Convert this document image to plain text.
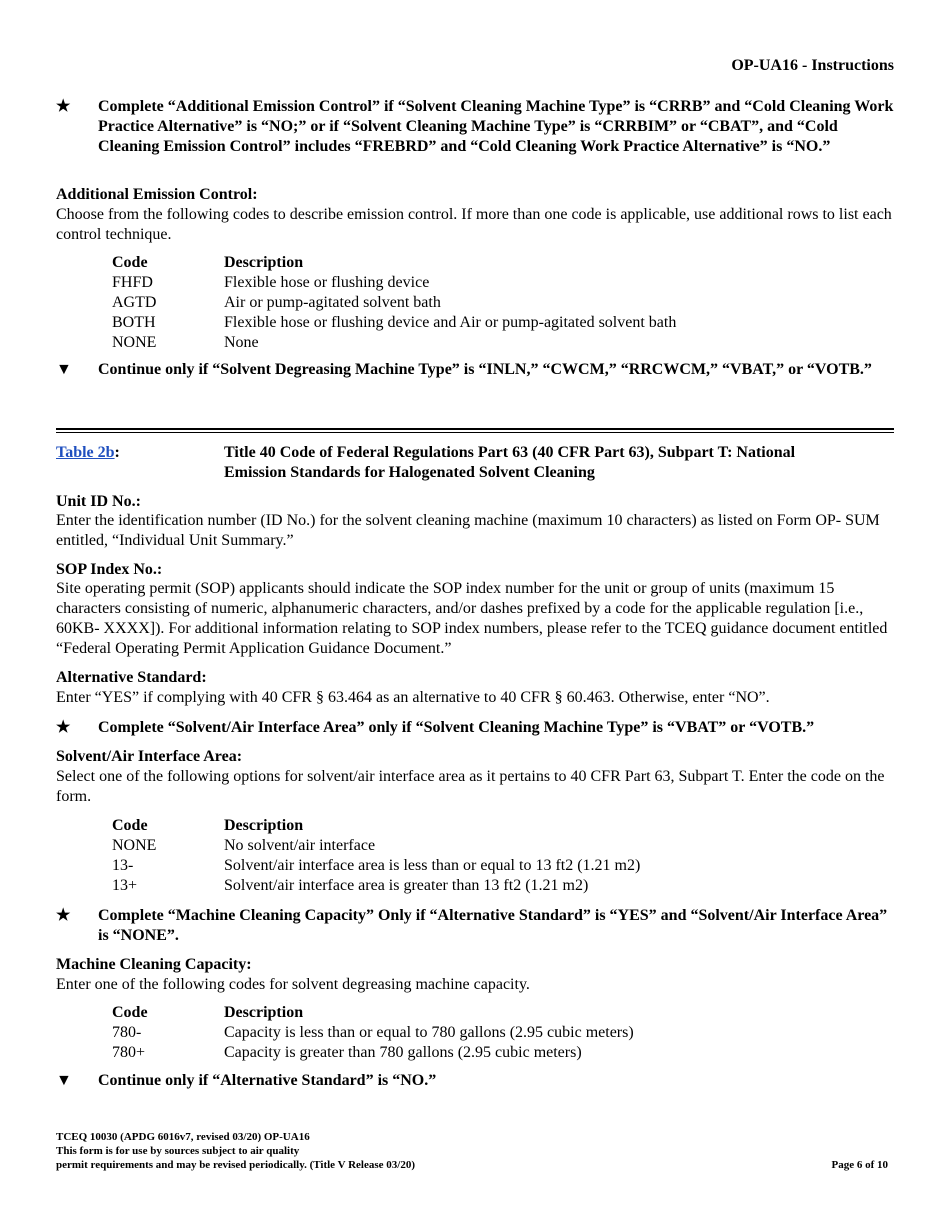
OP-UA16 - Instructions
★	Complete “Additional Emission Control” if “Solvent Cleaning Machine Type” is “CRRB” and “Cold Cleaning Work Practice Alternative” is “NO;” or if “Solvent Cleaning Machine Type” is “CRRBIM” or “CBAT”, and “Cold Cleaning Emission Control” includes “FREBRD” and “Cold Cleaning Work Practice Alternative” is “NO.”
Additional Emission Control:
Choose from the following codes to describe emission control. If more than one code is applicable, use additional rows to list each control technique.
Code	Description
FHFD	Flexible hose or flushing device
AGTD	Air or pump-agitated solvent bath
BOTH	Flexible hose or flushing device and Air or pump-agitated solvent bath
NONE	None
▼	Continue only if “Solvent Degreasing Machine Type” is “INLN,” “CWCM,” “RRCWCM,” “VBAT,” or “VOTB.”
Table 2b:	Title 40 Code of Federal Regulations Part 63 (40 CFR Part 63), Subpart T: National Emission Standards for Halogenated Solvent Cleaning
Unit ID No.:
Enter the identification number (ID No.) for the solvent cleaning machine (maximum 10 characters) as listed on Form OP- SUM entitled, “Individual Unit Summary.”
SOP Index No.:
Site operating permit (SOP) applicants should indicate the SOP index number for the unit or group of units (maximum 15 characters consisting of numeric, alphanumeric characters, and/or dashes prefixed by a code for the applicable regulation [i.e., 60KB- XXXX]). For additional information relating to SOP index numbers, please refer to the TCEQ guidance document entitled “Federal Operating Permit Application Guidance Document.”
Alternative Standard:
Enter “YES” if complying with 40 CFR § 63.464 as an alternative to 40 CFR § 60.463. Otherwise, enter “NO”.
★	Complete “Solvent/Air Interface Area” only if “Solvent Cleaning Machine Type” is “VBAT” or “VOTB.”
Solvent/Air Interface Area:
Select one of the following options for solvent/air interface area as it pertains to 40 CFR Part 63, Subpart T. Enter the code on the form.
Code	Description
NONE	No solvent/air interface
13-	Solvent/air interface area is less than or equal to 13 ft2 (1.21 m2)
13+	Solvent/air interface area is greater than 13 ft2 (1.21 m2)
★	Complete “Machine Cleaning Capacity” Only if “Alternative Standard” is “YES” and “Solvent/Air Interface Area” is “NONE”.
Machine Cleaning Capacity:
Enter one of the following codes for solvent degreasing machine capacity.
Code	Description
780-	Capacity is less than or equal to 780 gallons (2.95 cubic meters)
780+	Capacity is greater than 780 gallons (2.95 cubic meters)
▼	Continue only if “Alternative Standard” is “NO.”
TCEQ 10030 (APDG 6016v7, revised 03/20) OP-UA16
This form is for use by sources subject to air quality
permit requirements and may be revised periodically. (Title V Release 03/20)	Page 6 of 10
